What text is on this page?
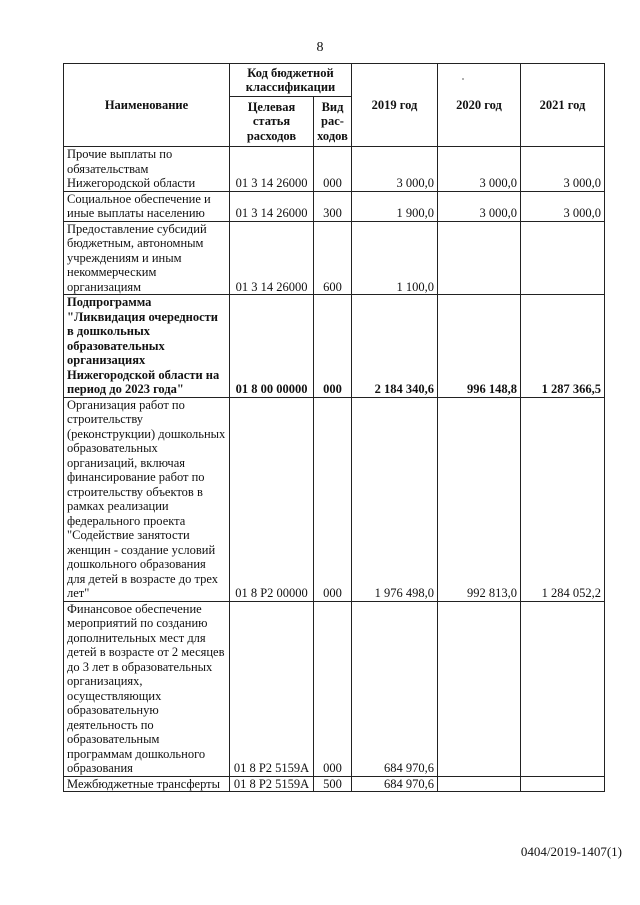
8
Наименование	Код бюджетной классификации		2019 год	2020 год	2021 год
	Целевая статья расходов	Вид рас- ходов			
Прочие выплаты по обязательствам Нижегородской области	01 3 14 26000	000	3 000,0	3 000,0	3 000,0
Социальное обеспечение и иные выплаты населению	01 3 14 26000	300	1 900,0	3 000,0	3 000,0
Предоставление субсидий бюджетным, автономным учреждениям и иным некоммерческим организациям	01 3 14 26000	600	1 100,0		
Подпрограмма "Ликвидация очередности в дошкольных образовательных организациях Нижегородской области на период до 2023 года"	01 8 00 00000	000	2 184 340,6	996 148,8	1 287 366,5
Организация работ по строительству (реконструкции) дошкольных образовательных организаций, включая финансирование работ по строительству объектов в рамках реализации федерального проекта "Содействие занятости женщин - создание условий дошкольного образования для детей в возрасте до трех лет"	01 8 P2 00000	000	1 976 498,0	992 813,0	1 284 052,2
Финансовое обеспечение мероприятий по созданию дополнительных мест для детей в возрасте от 2 месяцев до 3 лет в образовательных организациях, осуществляющих образовательную деятельность по образовательным программам дошкольного образования	01 8 P2 5159A	000	684 970,6		
Межбюджетные трансферты	01 8 P2 5159A	500	684 970,6		
0404/2019-1407(1)
